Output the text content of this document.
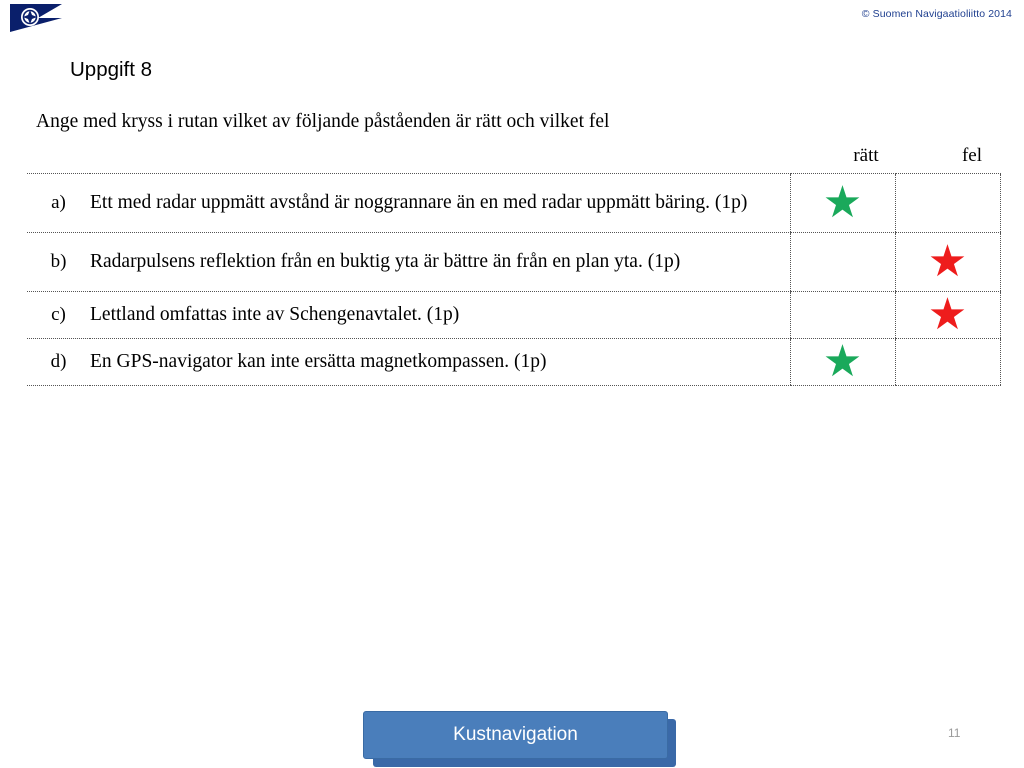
© Suomen Navigaatioliitto 2014
Uppgift 8
Ange med kryss i rutan vilket av följande påståenden är rätt och vilket fel
rätt	fel
a)	Ett med radar uppmätt avstånd är noggrannare än en med radar uppmätt bäring. (1p)	★	
b)	Radarpulsens reflektion från en buktig yta är bättre än från en plan yta. (1p)		★
c)	Lettland omfattas inte av Schengenavtalet. (1p)		★
d)	En GPS-navigator kan inte ersätta magnetkompassen. (1p)	★	
Kustnavigation	11
